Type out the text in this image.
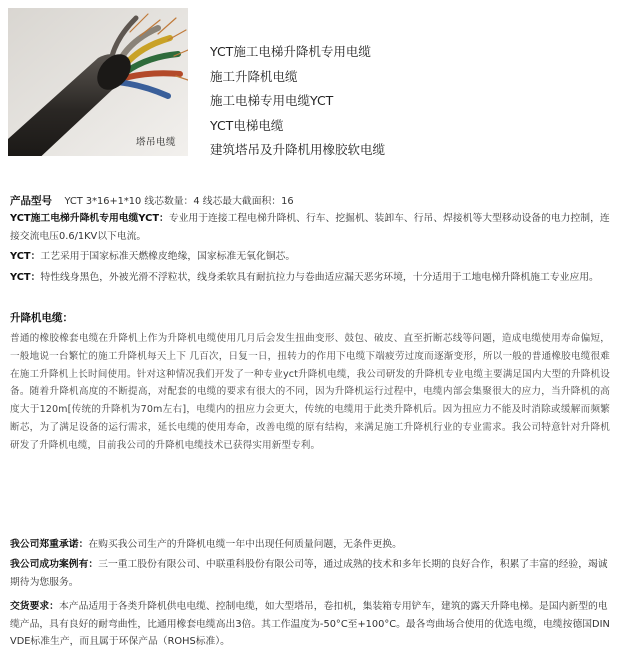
塔吊电缆
YCT施工电梯升降机专用电缆
施工升降机电缆
施工电梯专用电缆YCT
YCT电梯电缆
建筑塔吊及升降机用橡胶软电缆
产品型号 YCT 3*16+1*10 线芯数量：4 线芯最大截面积：16
YCT施工电梯升降机专用电缆YCT：专业用于连接工程电梯升降机、行车、挖掘机、装卸车、行吊、焊接机等大型移动设备的电力控制，连接交流电压0.6/1KV以下电流。
YCT：工艺采用于国家标准天燃橡皮绝缘，国家标准无氧化铜芯。
YCT：特性线身黑色，外被光滑不浮粒状，线身柔软具有耐抗拉力与卷曲适应漏天恶劣环境，十分适用于工地电梯升降机施工专业应用。
升降机电缆：
普通的橡胶橡套电缆在升降机上作为升降机电缆使用几月后会发生扭曲变形、鼓包、破皮、直至折断芯线等问题，造成电缆使用寿命偏短，一般地说一台繁忙的施工升降机每天上下 几百次，日复一日，扭转力的作用下电缆下端疲劳过度而逐渐变形，所以一般的普通橡胶电缆很难在施工升降机上长时间使用。针对这种情况我们开发了一种专业yct升降机电缆，我公司研发的升降机专业电缆主要满足国内大型的升降机设备。随着升降机高度的不断提高，对配套的电缆的要求有很大的不同，因为升降机运行过程中，电缆内部会集聚很大的应力，当升降机的高度大于120m[传统的升降机为70m左右]，电缆内的扭应力会更大，传统的电缆用于此类升降机后。因为扭应力不能及时消除或缓解而频繁断芯，为了满足设备的运行需求，延长电缆的使用寿命，改善电缆的原有结构，来满足施工升降机行业的专业需求。我公司特意针对升降机研发了升降机电缆，目前我公司的升降机电缆技术已获得实用新型专利。
我公司郑重承诺：在购买我公司生产的升降机电缆一年中出现任何质量问题，无条件更换。
我公司成功案例有：三一重工股份有限公司、中联重科股份有限公司等，通过成熟的技术和多年长期的良好合作，积累了丰富的经验，竭诚期待为您服务。
交货要求：本产品适用于各类升降机供电电缆、控制电缆，如大型塔吊，卷扣机，集装箱专用铲车，建筑的露天升降电梯。是国内新型的电缆产品，具有良好的耐弯曲性，比通用橡套电缆高出3倍。其工作温度为-50°C至+100°C。最各弯曲场合使用的优选电缆，电缆按德国DIN VDE标准生产，而且属于环保产品（ROHS标准）。
